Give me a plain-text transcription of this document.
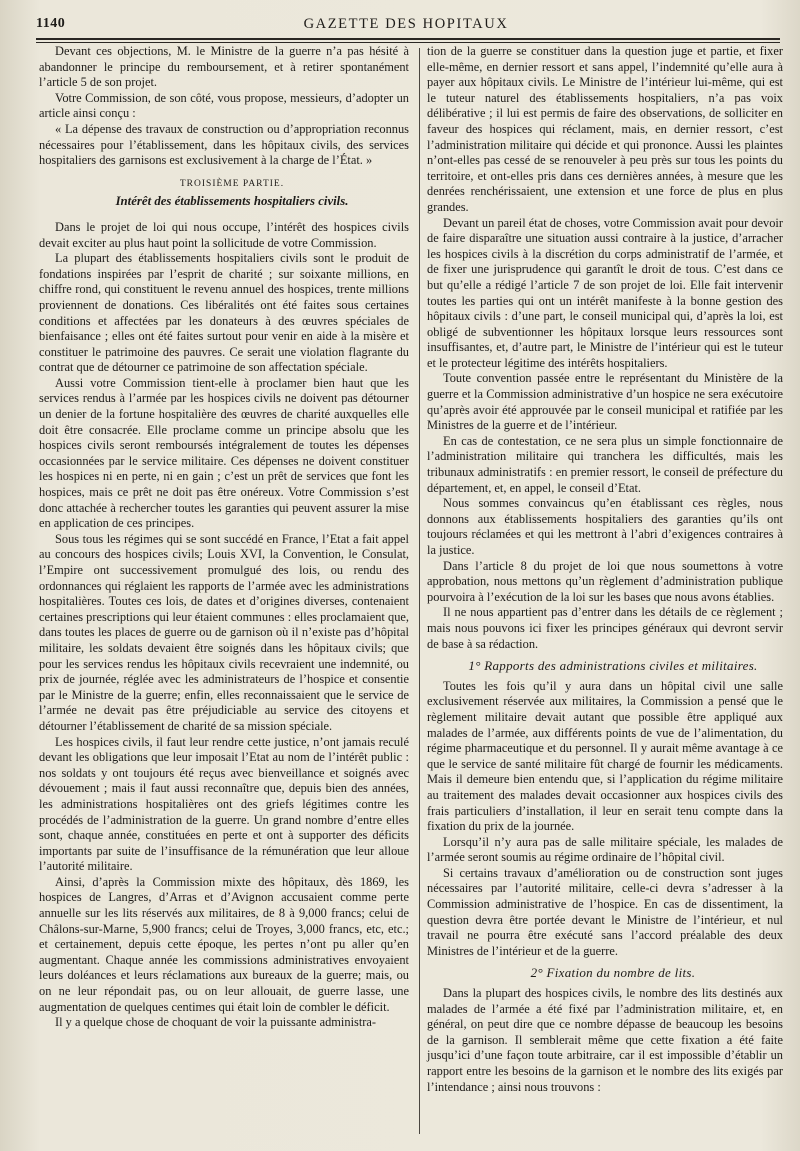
1140	GAZETTE DES HOPITAUX

Devant ces objections, M. le Ministre de la guerre n’a pas hésité à abandonner le principe du remboursement, et à retirer spontanément l’article 5 de son projet.

Votre Commission, de son côté, vous propose, messieurs, d’adopter un article ainsi conçu :

« La dépense des travaux de construction ou d’appropriation reconnus nécessaires pour l’établissement, dans les hôpitaux civils, des services hospitaliers des garnisons est exclusivement à la charge de l’État. »

TROISIÈME PARTIE.

Intérêt des établissements hospitaliers civils.

Dans le projet de loi qui nous occupe, l’intérêt des hospices civils devait exciter au plus haut point la sollicitude de votre Commission.

La plupart des établissements hospitaliers civils sont le produit de fondations inspirées par l’esprit de charité ; sur soixante millions, en chiffre rond, qui constituent le revenu annuel des hospices, trente millions proviennent de donations. Ces libéralités ont été faites sous certaines conditions et affectées par les donateurs à des œuvres spéciales de bienfaisance ; elles ont été faites surtout pour venir en aide à la misère et constituer le patrimoine des pauvres. Ce serait une violation flagrante du contrat que de détourner ce patrimoine de son affectation spéciale.

Aussi votre Commission tient-elle à proclamer bien haut que les services rendus à l’armée par les hospices civils ne doivent pas détourner un denier de la fortune hospitalière des œuvres de charité auxquelles elle doit être consacrée. Elle proclame comme un principe absolu que les hospices civils seront remboursés intégralement de toutes les dépenses occasionnées par le service militaire. Ces dépenses ne doivent constituer les hospices ni en perte, ni en gain ; c’est un prêt de services que font les hospices, mais ce prêt ne doit pas être onéreux. Votre Commission s’est donc attachée à rechercher toutes les garanties qui peuvent assurer la mise en application de ces principes.

Sous tous les régimes qui se sont succédé en France, l’Etat a fait appel au concours des hospices civils; Louis XVI, la Convention, le Consulat, l’Empire ont successivement promulgué des lois, ou rendu des ordonnances qui réglaient les rapports de l’armée avec les administrations hospitalières. Toutes ces lois, de dates et d’origines diverses, contenaient certaines prescriptions qui leur étaient communes : elles proclamaient que, dans toutes les places de guerre ou de garnison où il n’existe pas d’hôpital militaire, les soldats devaient être soignés dans les hôpitaux civils; que pour les services rendus les hôpitaux civils recevraient une indemnité, ou prix de journée, réglée avec les administrateurs de l’hospice et consentie par le Ministre de la guerre; enfin, elles reconnaissaient que le service de l’armée ne devait pas être préjudiciable au service des citoyens et détourner l’établissement de charité de sa mission spéciale.

Les hospices civils, il faut leur rendre cette justice, n’ont jamais reculé devant les obligations que leur imposait l’Etat au nom de l’intérêt public : nos soldats y ont toujours été reçus avec bienveillance et soignés avec dévouement ; mais il faut aussi reconnaître que, depuis bien des années, les administrations hospitalières ont des griefs légitimes contre les procédés de l’administration de la guerre. Un grand nombre d’entre elles sont, chaque année, constituées en perte et ont à supporter des déficits importants par suite de l’insuffisance de la rémunération que leur alloue l’autorité militaire.

Ainsi, d’après la Commission mixte des hôpitaux, dès 1869, les hospices de Langres, d’Arras et d’Avignon accusaient comme perte annuelle sur les lits réservés aux militaires, de 8 à 9,000 francs; celui de Châlons-sur-Marne, 5,900 francs; celui de Troyes, 3,000 francs, etc, etc.; et certainement, depuis cette époque, les pertes n’ont pu aller qu’en augmentant. Chaque année les commissions administratives envoyaient leurs doléances et leurs réclamations aux bureaux de la guerre; mais, ou on ne leur répondait pas, ou on leur allouait, de guerre lasse, une augmentation de quelques centimes qui était loin de combler le déficit.

Il y a quelque chose de choquant de voir la puissante administra-

tion de la guerre se constituer dans la question juge et partie, et fixer elle-même, en dernier ressort et sans appel, l’indemnité qu’elle aura à payer aux hôpitaux civils. Le Ministre de l’intérieur lui-même, qui est le tuteur naturel des établissements hospitaliers, n’a pas voix délibérative ; il lui est permis de faire des observations, de solliciter en faveur des hospices qui réclament, mais, en dernier ressort, c’est l’administration militaire qui décide et qui prononce. Aussi les plaintes n’ont-elles pas cessé de se renouveler à peu près sur tous les points du territoire, et ont-elles pris dans ces dernières années, à mesure que les denrées renchérissaient, une extension et une force de plus en plus grandes.

Devant un pareil état de choses, votre Commission avait pour devoir de faire disparaître une situation aussi contraire à la justice, d’arracher les hospices civils à la discrétion du corps administratif de l’armée, et de fixer une jurisprudence qui garantît le droit de tous. C’est dans ce but qu’elle a rédigé l’article 7 de son projet de loi. Elle fait intervenir toutes les parties qui ont un intérêt manifeste à la bonne gestion des hôpitaux civils : d’une part, le conseil municipal qui, d’après la loi, est obligé de subventionner les hôpitaux lorsque leurs ressources sont insuffisantes, et, d’autre part, le Ministre de l’intérieur qui est le tuteur et le protecteur légitime des intérêts hospitaliers.

Toute convention passée entre le représentant du Ministère de la guerre et la Commission administrative d’un hospice ne sera exécutoire qu’après avoir été approuvée par le conseil municipal et ratifiée par les Ministres de la guerre et de l’intérieur.

En cas de contestation, ce ne sera plus un simple fonctionnaire de l’administration militaire qui tranchera les difficultés, mais les tribunaux administratifs : en premier ressort, le conseil de préfecture du département, et, en appel, le conseil d’Etat.

Nous sommes convaincus qu’en établissant ces règles, nous donnons aux établissements hospitaliers des garanties qu’ils ont toujours réclamées et qui les mettront à l’abri d’exigences contraires à la justice.

Dans l’article 8 du projet de loi que nous soumettons à votre approbation, nous mettons qu’un règlement d’administration publique pourvoira à l’exécution de la loi sur les bases que nous avons établies.

Il ne nous appartient pas d’entrer dans les détails de ce règlement ; mais nous pouvons ici fixer les principes généraux qui devront servir de base à sa rédaction.

1° Rapports des administrations civiles et militaires.

Toutes les fois qu’il y aura dans un hôpital civil une salle exclusivement réservée aux militaires, la Commission a pensé que le règlement militaire devait autant que possible être appliqué aux malades de l’armée, aux différents points de vue de l’alimentation, du régime pharmaceutique et du personnel. Il y aurait même avantage à ce que le service de santé militaire fût chargé de fournir les médicaments. Mais il demeure bien entendu que, si l’application du régime militaire au traitement des malades devait occasionner aux hospices civils des frais particuliers d’installation, il leur en serait tenu compte dans la fixation du prix de la journée.

Lorsqu’il n’y aura pas de salle militaire spéciale, les malades de l’armée seront soumis au régime ordinaire de l’hôpital civil.

Si certains travaux d’amélioration ou de construction sont juges nécessaires par l’autorité militaire, celle-ci devra s’adresser à la Commission administrative de l’hospice. En cas de dissentiment, la question devra être portée devant le Ministre de l’intérieur, et nul travail ne pourra être exécuté sans l’accord préalable des deux Ministres de l’intérieur et de la guerre.

2° Fixation du nombre de lits.

Dans la plupart des hospices civils, le nombre des lits destinés aux malades de l’armée a été fixé par l’administration militaire, et, en général, on peut dire que ce nombre dépasse de beaucoup les besoins de la garnison. Il semblerait même que cette fixation a été faite jusqu’ici d’une façon toute arbitraire, car il est impossible d’établir un rapport entre les besoins de la garnison et le nombre des lits exigés par l’intendance ; ainsi nous trouvons :
